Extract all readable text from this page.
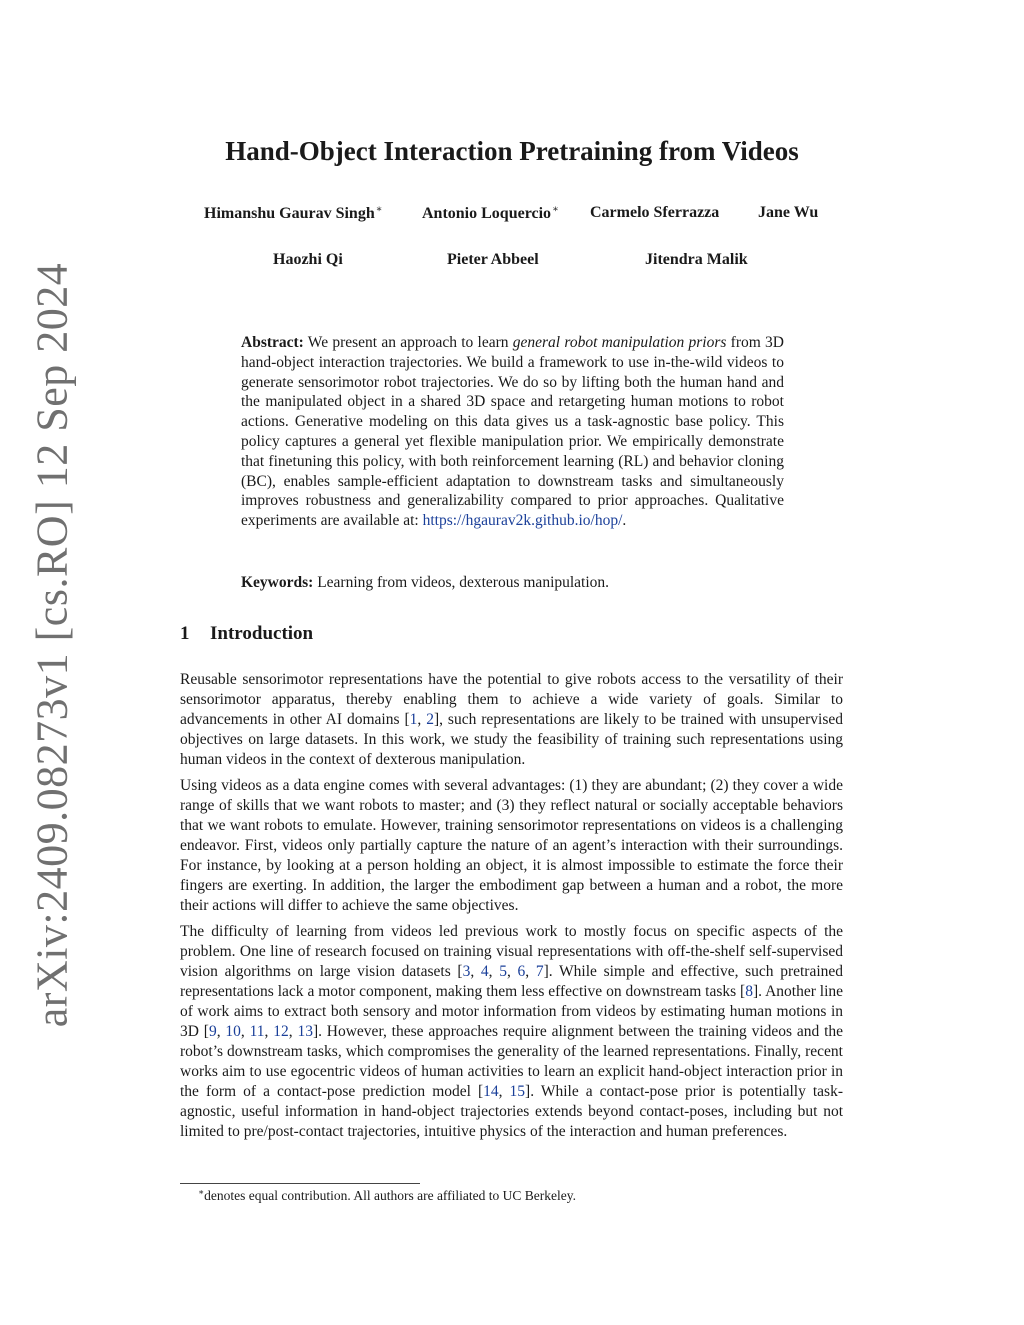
arXiv:2409.08273v1 [cs.RO] 12 Sep 2024
Hand-Object Interaction Pretraining from Videos
Himanshu Gaurav Singh∗ Antonio Loquercio∗ Carmelo Sferrazza Jane Wu
Haozhi Qi	Pieter Abbeel	Jitendra Malik
Abstract: We present an approach to learn general robot manipulation priors from 3D hand-object interaction trajectories. We build a framework to use in-the-wild videos to generate sensorimotor robot trajectories. We do so by lifting both the human hand and the manipulated object in a shared 3D space and retargeting human motions to robot actions. Generative modeling on this data gives us a task-agnostic base policy. This policy captures a general yet flexible manipulation prior. We empirically demonstrate that finetuning this policy, with both reinforcement learning (RL) and behavior cloning (BC), enables sample-efficient adaptation to downstream tasks and simultaneously improves robustness and generalizability compared to prior approaches. Qualitative experiments are available at: https://hgaurav2k.github.io/hop/.
Keywords: Learning from videos, dexterous manipulation.
1 Introduction

Reusable sensorimotor representations have the potential to give robots access to the versatility of their sensorimotor apparatus, thereby enabling them to achieve a wide variety of goals. Similar to advancements in other AI domains [1, 2], such representations are likely to be trained with unsupervised objectives on large datasets. In this work, we study the feasibility of training such representations using human videos in the context of dexterous manipulation.

Using videos as a data engine comes with several advantages: (1) they are abundant; (2) they cover a wide range of skills that we want robots to master; and (3) they reflect natural or socially acceptable behaviors that we want robots to emulate. However, training sensorimotor representations on videos is a challenging endeavor. First, videos only partially capture the nature of an agent’s interaction with their surroundings. For instance, by looking at a person holding an object, it is almost impossible to estimate the force their fingers are exerting. In addition, the larger the embodiment gap between a human and a robot, the more their actions will differ to achieve the same objectives.

The difficulty of learning from videos led previous work to mostly focus on specific aspects of the problem. One line of research focused on training visual representations with off-the-shelf self-supervised vision algorithms on large vision datasets [3, 4, 5, 6, 7]. While simple and effective, such pretrained representations lack a motor component, making them less effective on downstream tasks [8]. Another line of work aims to extract both sensory and motor information from videos by estimating human motions in 3D [9, 10, 11, 12, 13]. However, these approaches require alignment between the training videos and the robot’s downstream tasks, which compromises the generality of the learned representations. Finally, recent works aim to use egocentric videos of human activities to learn an explicit hand-object interaction prior in the form of a contact-pose prediction model [14, 15]. While a contact-pose prior is potentially task-agnostic, useful information in hand-object trajectories extends beyond contact-poses, including but not limited to pre/post-contact trajectories, intuitive physics of the interaction and human preferences.

∗denotes equal contribution. All authors are affiliated to UC Berkeley.
